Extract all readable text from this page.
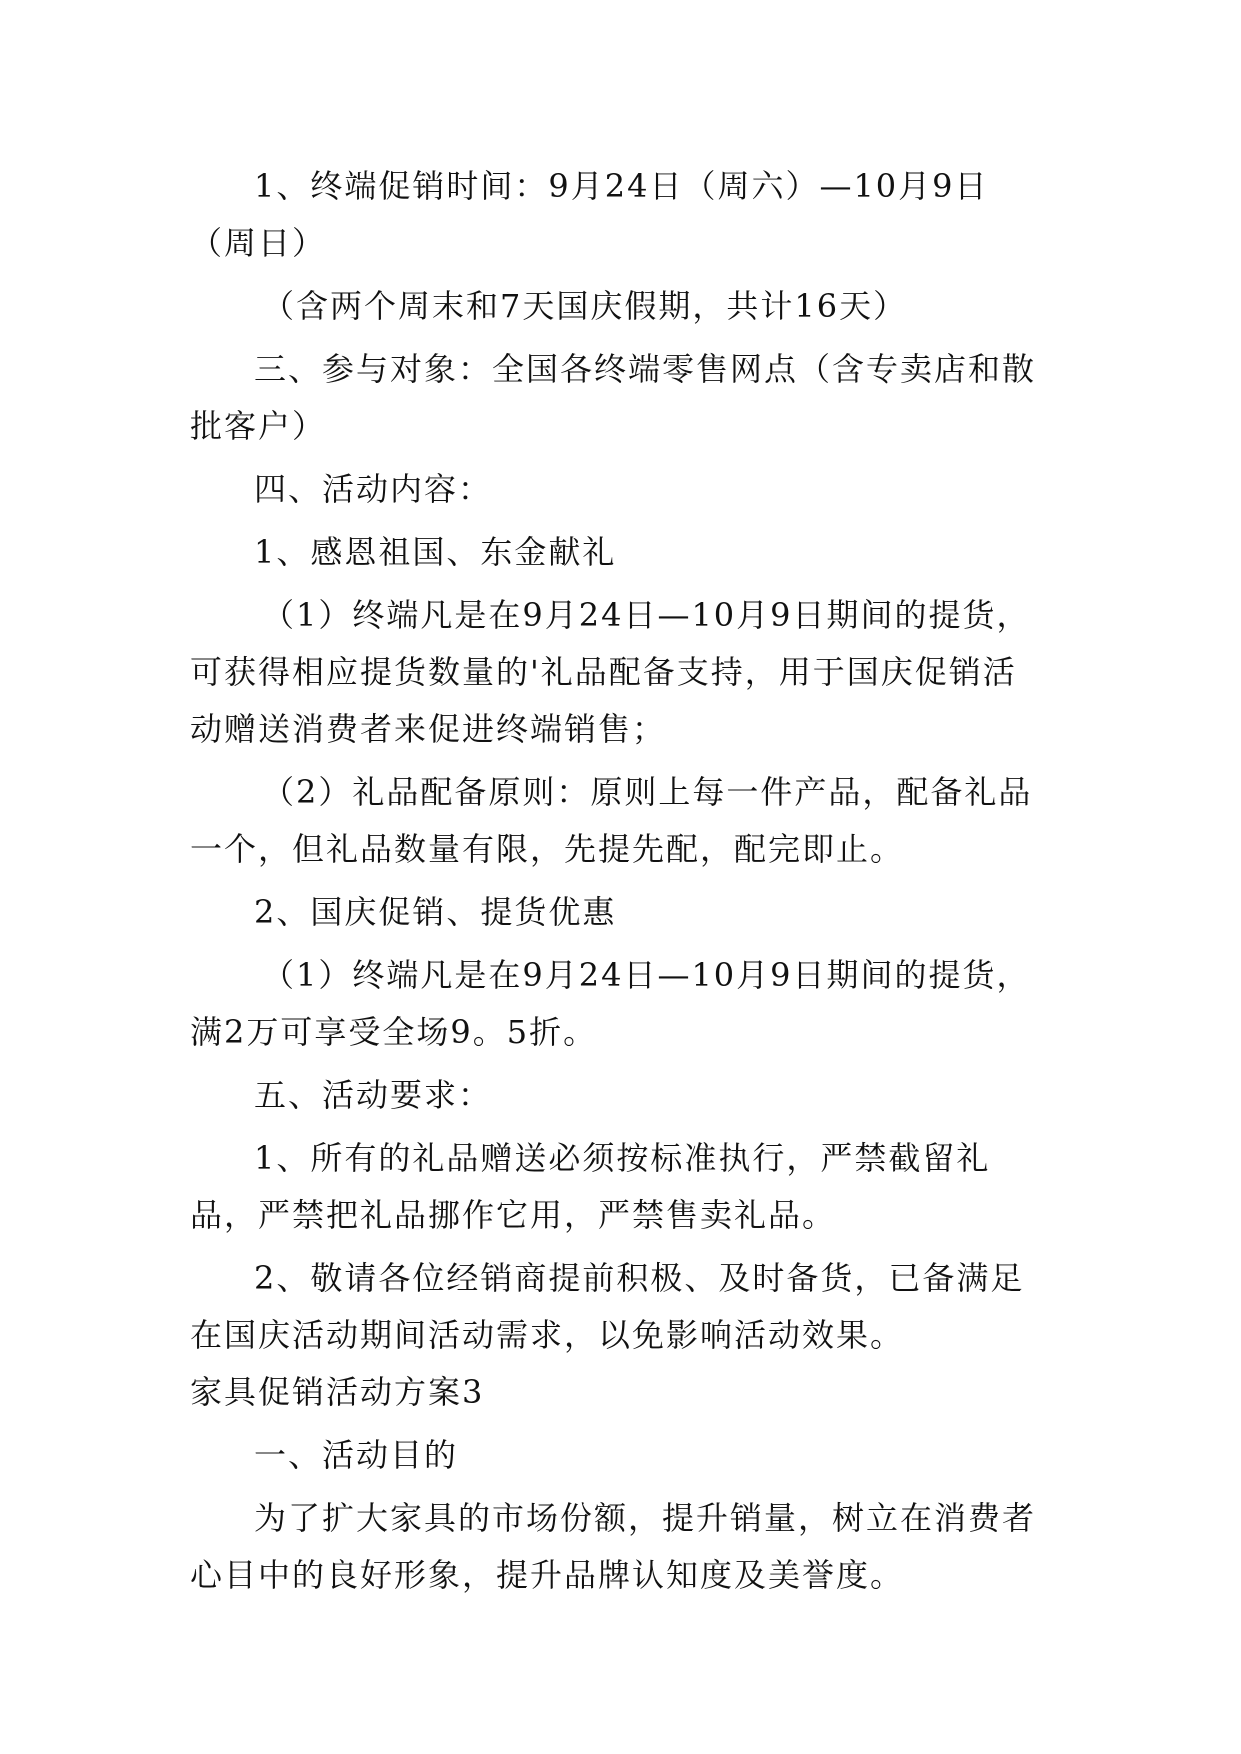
1、终端促销时间：9月24日（周六）—10月9日（周日）

（含两个周末和7天国庆假期，共计16天）

三、参与对象：全国各终端零售网点（含专卖店和散批客户）

四、活动内容：

1、感恩祖国、东金献礼

（1）终端凡是在9月24日—10月9日期间的提货，可获得相应提货数量的'礼品配备支持，用于国庆促销活动赠送消费者来促进终端销售；

（2）礼品配备原则：原则上每一件产品，配备礼品一个，但礼品数量有限，先提先配，配完即止。

2、国庆促销、提货优惠

（1）终端凡是在9月24日—10月9日期间的提货，满2万可享受全场9。5折。

五、活动要求：

1、所有的礼品赠送必须按标准执行，严禁截留礼品，严禁把礼品挪作它用，严禁售卖礼品。

2、敬请各位经销商提前积极、及时备货，已备满足在国庆活动期间活动需求，以免影响活动效果。

家具促销活动方案3

一、活动目的

为了扩大家具的市场份额，提升销量，树立在消费者心目中的良好形象，提升品牌认知度及美誉度。
